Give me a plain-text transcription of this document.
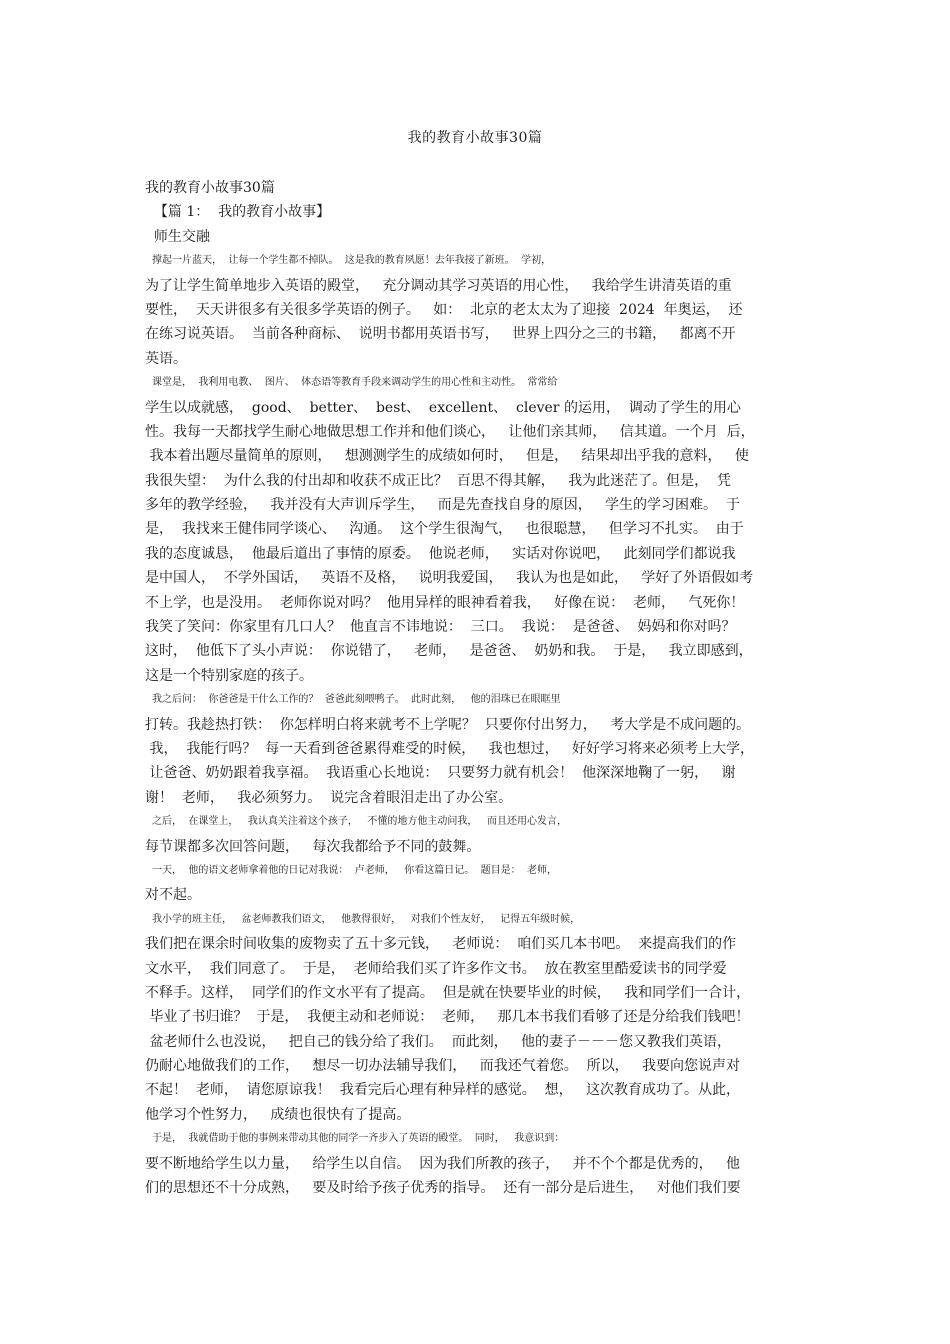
我的教育小故事30篇
我的教育小故事30篇
【篇 1：  我的教育小故事】
师生交融
撑起一片蓝天，  让每一个学生都不掉队。  这是我的教育夙愿！去年我接了新班。  学初，
为了让学生简单地步入英语的殿堂，   充分调动其学习英语的用心性，   我给学生讲清英语的重
要性，  天天讲很多有关很多学英语的例子。   如：  北京的老太太为了迎接  2024  年奥运，  还
在练习说英语。  当前各种商标、  说明书都用英语书写，   世界上四分之三的书籍，   都离不开
英语。
课堂是，  我利用电教、  图片、  体态语等教育手段来调动学生的用心性和主动性。  常常给
学生以成就感，  good、  better、  best、  excellent、  clever 的运用，  调动了学生的用心
性。我每一天都找学生耐心地做思想工作并和他们谈心，   让他们亲其师，   信其道。一个月  后，
我本着出题尽量简单的原则，   想测测学生的成绩如何时，   但是，   结果却出乎我的意料，   使
我很失望：  为什么我的付出却和收获不成正比？  百思不得其解，   我为此迷茫了。但是，  凭
多年的教学经验，   我并没有大声训斥学生，   而是先查找自身的原因，   学生的学习困难。  于
是，  我找来王健伟同学谈心、   沟通。  这个学生很淘气，   也很聪慧，   但学习不扎实。  由于
我的态度诚恳，  他最后道出了事情的原委。  他说老师，   实话对你说吧，   此刻同学们都说我
是中国人，  不学外国话，   英语不及格，   说明我爱国，   我认为也是如此，   学好了外语假如考
不上学，也是没用。  老师你说对吗？  他用异样的眼神看着我，   好像在说：  老师，   气死你！
我笑了笑问：你家里有几口人？  他直言不讳地说：  三口。  我说：  是爸爸、  妈妈和你对吗？
这时，  他低下了头小声说：  你说错了，   老师，   是爸爸、  奶奶和我。  于是，   我立即感到，
这是一个特别家庭的孩子。
我之后问：  你爸爸是干什么工作的？  爸爸此刻喂鸭子。  此时此刻，   他的泪珠已在眼眶里
打转。我趁热打铁：  你怎样明白将来就考不上学呢？  只要你付出努力，   考大学是不成问题的。
我，  我能行吗？  每一天看到爸爸累得难受的时候，   我也想过，   好好学习将来必须考上大学，
让爸爸、奶奶跟着我享福。  我语重心长地说：  只要努力就有机会！  他深深地鞠了一躬，   谢
谢！  老师，   我必须努力。  说完含着眼泪走出了办公室。
之后，  在课堂上，   我认真关注着这个孩子，   不懂的地方他主动问我，   而且还用心发言，
每节课都多次回答问题，   每次我都给予不同的鼓舞。
一天，  他的语文老师拿着他的日记对我说：  卢老师，   你看这篇日记。  题目是：  老师，
对不起。
我小学的班主任，   盆老师教我们语文，   他教得很好，   对我们个性友好，   记得五年级时候，
我们把在课余时间收集的废物卖了五十多元钱，   老师说：  咱们买几本书吧。  来提高我们的作
文水平，  我们同意了。  于是，  老师给我们买了许多作文书。  放在教室里酷爱读书的同学爱
不释手。这样，  同学们的作文水平有了提高。  但是就在快要毕业的时候，   我和同学们一合计，
毕业了书归谁？  于是，  我便主动和老师说：  老师，   那几本书我们看够了还是分给我们钱吧！
盆老师什么也没说，   把自己的钱分给了我们。  而此刻，   他的妻子－－－您又教我们英语，
仍耐心地做我们的工作，   想尽一切办法辅导我们，   而我还气着您。  所以，   我要向您说声对
不起！  老师，  请您原谅我！  我看完后心理有种异样的感觉。  想，   这次教育成功了。从此，
他学习个性努力，   成绩也很快有了提高。
于是，  我就借助于他的事例来带动其他的同学一齐步入了英语的殿堂。  同时，   我意识到：
要不断地给学生以力量，   给学生以自信。  因为我们所教的孩子，   并不个个都是优秀的，   他
们的思想还不十分成熟，   要及时给予孩子优秀的指导。  还有一部分是后进生，   对他们我们要
